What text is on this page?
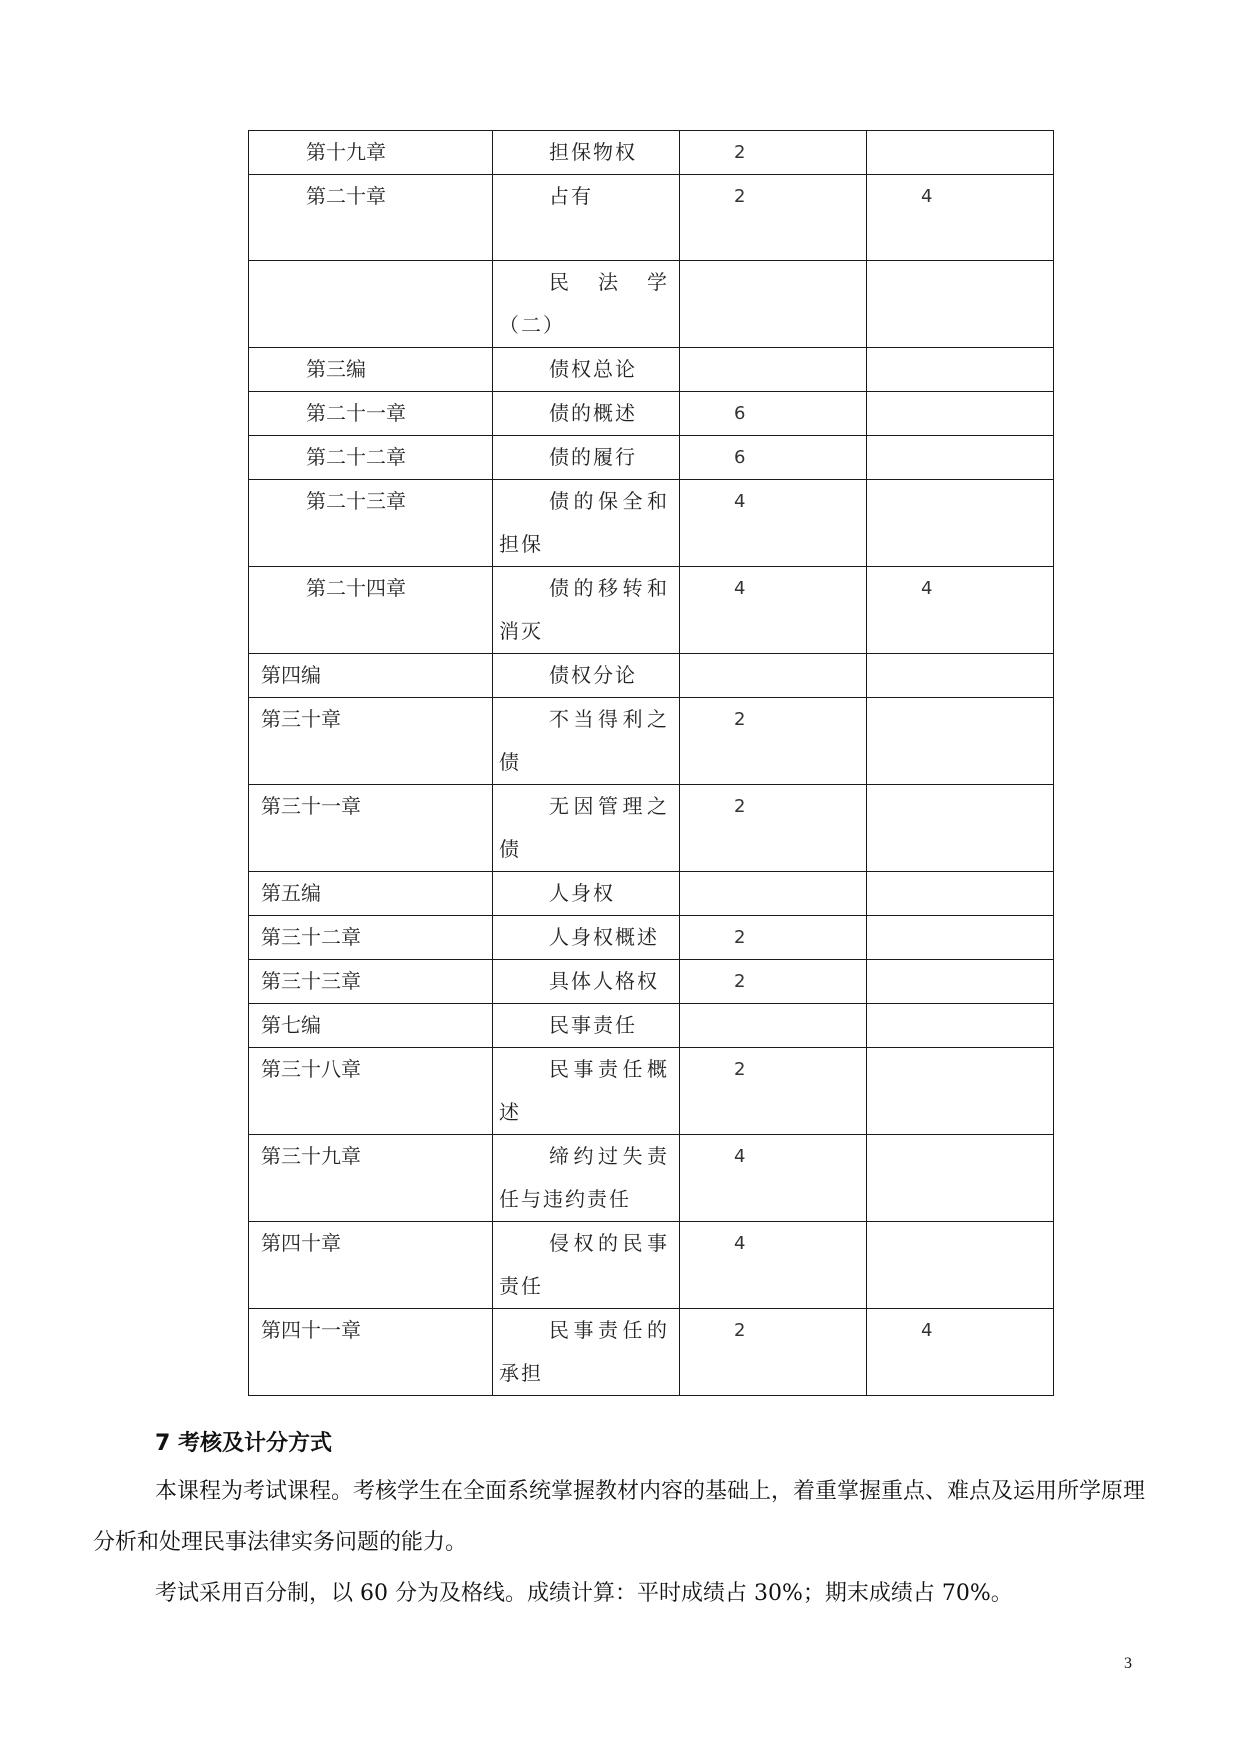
第十九章	担保物权	2	

第二十章	占有	2	4

	民法学（二）		

第三编	债权总论		

第二十一章	债的概述	6	

第二十二章	债的履行	6	

第二十三章	债的保全和担保	4	

第二十四章	债的移转和消灭	4	4

第四编	债权分论		

第三十章	不当得利之债	2	

第三十一章	无因管理之债	2	

第五编	人身权		

第三十二章	人身权概述	2	

第三十三章	具体人格权	2	

第七编	民事责任		

第三十八章	民事责任概述	2	

第三十九章	缔约过失责任与违约责任	4	

第四十章	侵权的民事责任	4	

第四十一章	民事责任的承担	2	4
7 考核及计分方式

本课程为考试课程。考核学生在全面系统掌握教材内容的基础上，着重掌握重点、难点及运用所学原理分析和处理民事法律实务问题的能力。

考试采用百分制，以 60 分为及格线。成绩计算：平时成绩占 30%；期末成绩占 70%。

3
